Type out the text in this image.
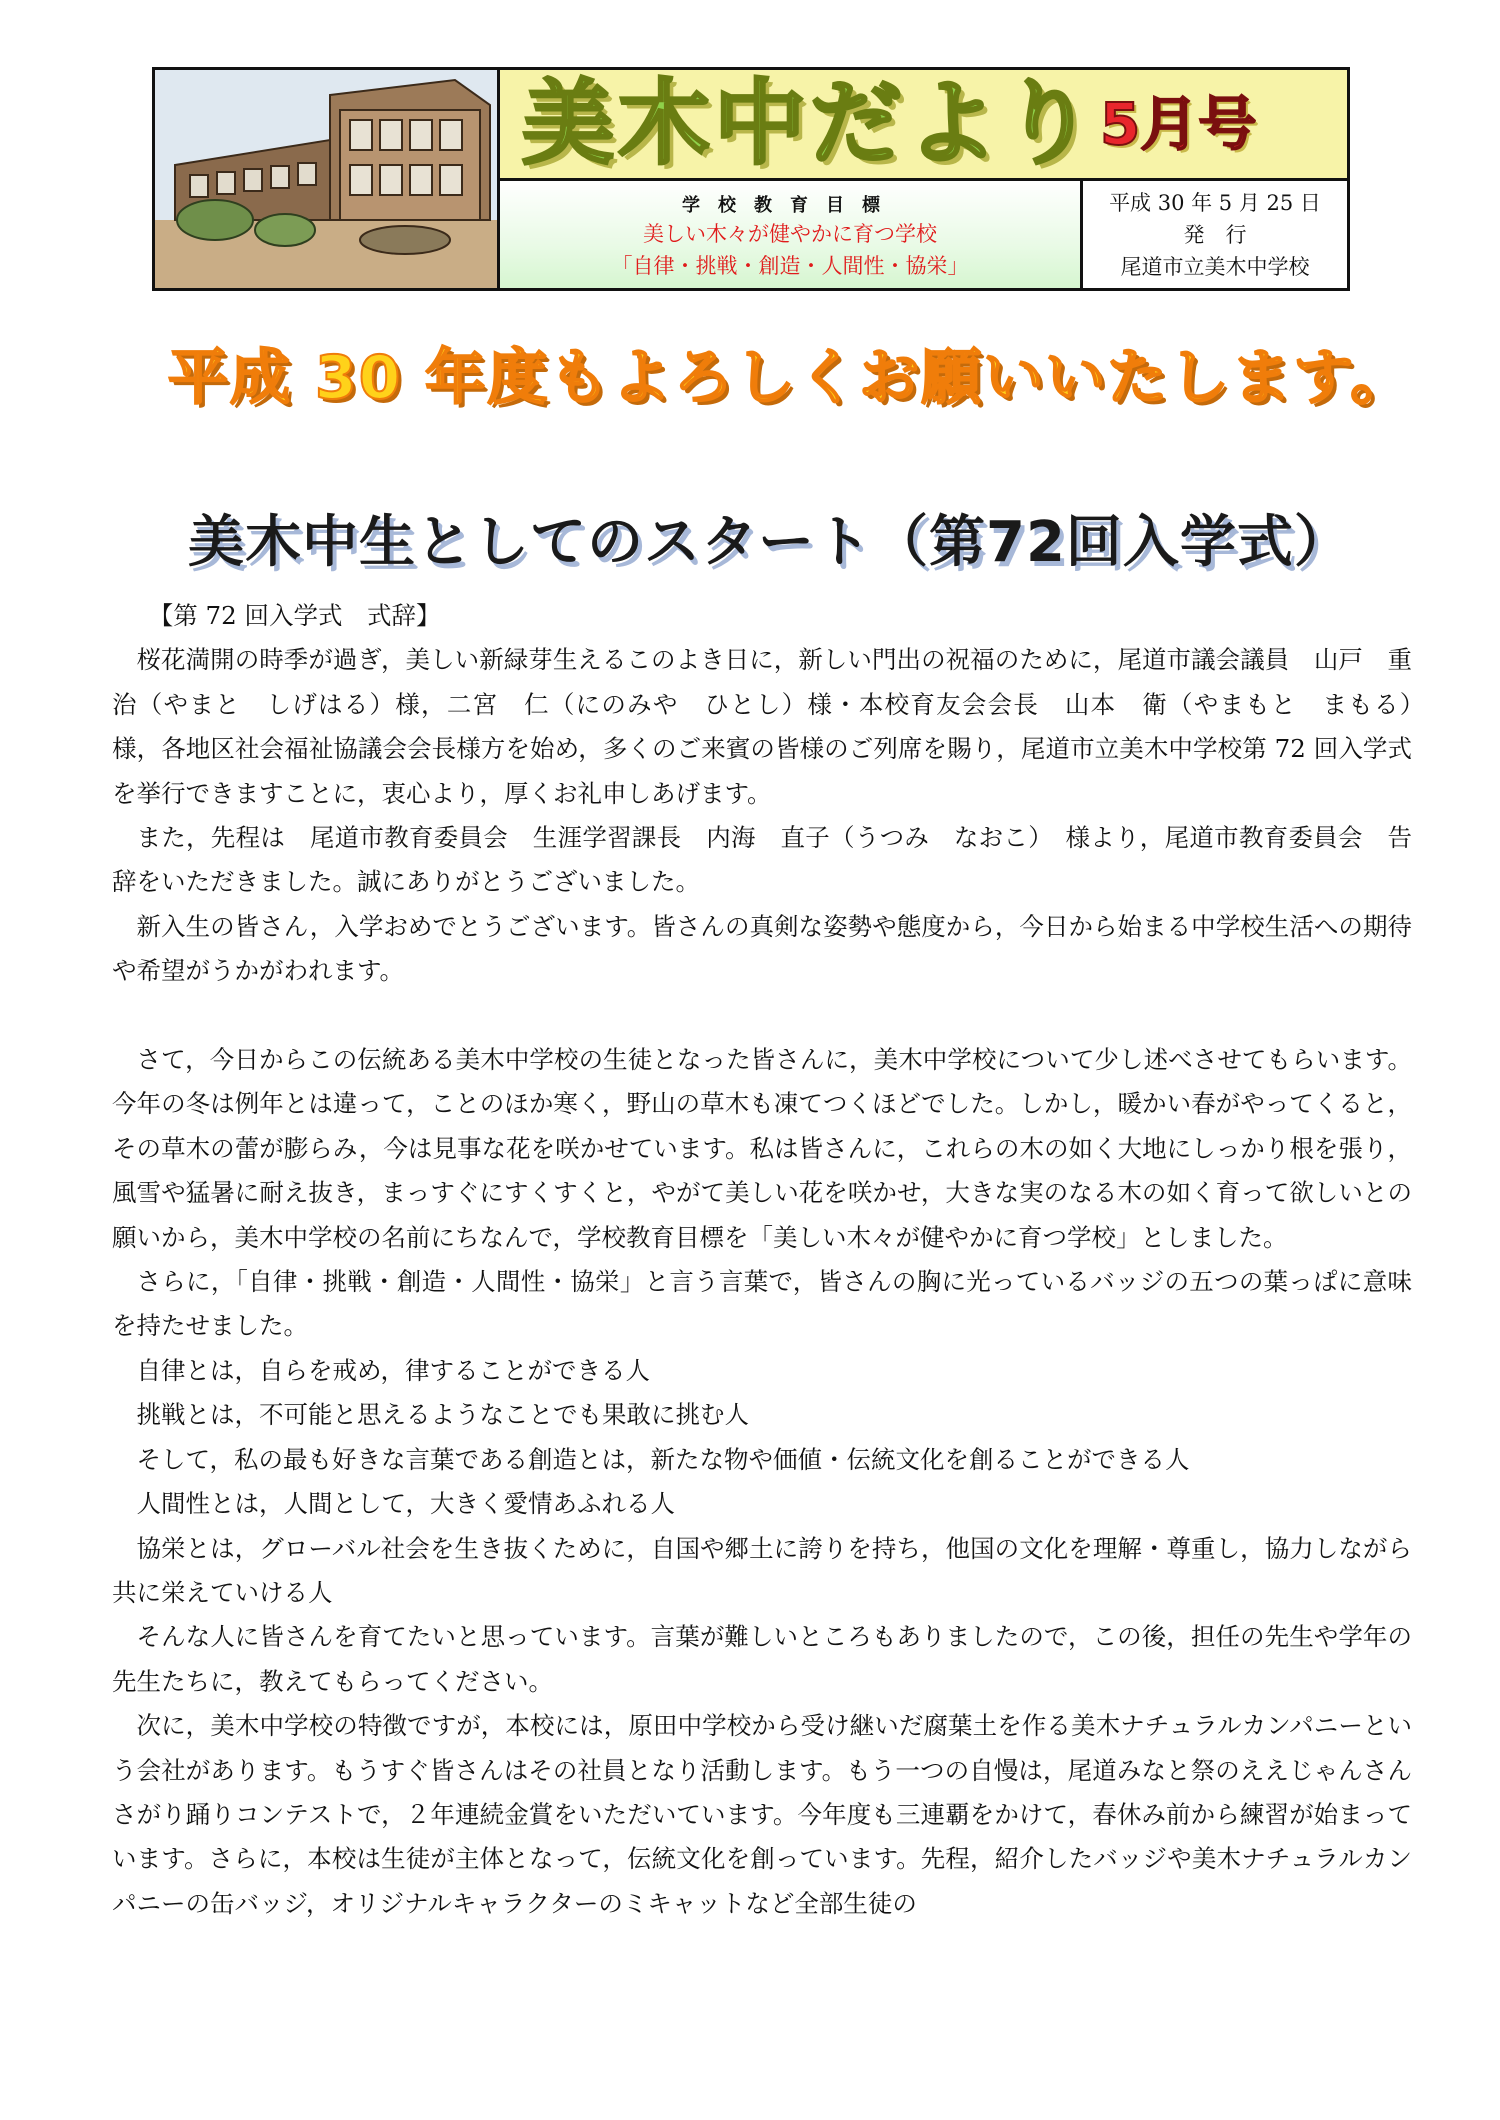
美木中だより 5月号
学校教育目標
美しい木々が健やかに育つ学校
「自律・挑戦・創造・人間性・協栄」
平成 30 年 5 月 25 日
発　行
尾道市立美木中学校
平成 30 年度もよろしくお願いいたします。
美木中生としてのスタート（第72回入学式）

【第 72 回入学式　式辞】

桜花満開の時季が過ぎ，美しい新緑芽生えるこのよき日に，新しい門出の祝福のために，尾道市議会議員　山戸　重治（やまと　しげはる）様，二宮　仁（にのみや　ひとし）様・本校育友会会長　山本　衛（やまもと　まもる）　様，各地区社会福祉協議会会長様方を始め，多くのご来賓の皆様のご列席を賜り，尾道市立美木中学校第 72 回入学式を挙行できますことに，衷心より，厚くお礼申しあげます。

また，先程は　尾道市教育委員会　生涯学習課長　内海　直子（うつみ　なおこ）　様より，尾道市教育委員会　告辞をいただきました。誠にありがとうございました。

新入生の皆さん，入学おめでとうございます。皆さんの真剣な姿勢や態度から，今日から始まる中学校生活への期待や希望がうかがわれます。

さて，今日からこの伝統ある美木中学校の生徒となった皆さんに，美木中学校について少し述べさせてもらいます。今年の冬は例年とは違って，ことのほか寒く，野山の草木も凍てつくほどでした。しかし，暖かい春がやってくると，その草木の蕾が膨らみ，今は見事な花を咲かせています。私は皆さんに，これらの木の如く大地にしっかり根を張り，風雪や猛暑に耐え抜き，まっすぐにすくすくと，やがて美しい花を咲かせ，大きな実のなる木の如く育って欲しいとの願いから，美木中学校の名前にちなんで，学校教育目標を「美しい木々が健やかに育つ学校」としました。

さらに，「自律・挑戦・創造・人間性・協栄」と言う言葉で，皆さんの胸に光っているバッジの五つの葉っぱに意味を持たせました。

自律とは，自らを戒め，律することができる人

挑戦とは，不可能と思えるようなことでも果敢に挑む人

そして，私の最も好きな言葉である創造とは，新たな物や価値・伝統文化を創ることができる人

人間性とは，人間として，大きく愛情あふれる人

協栄とは，グローバル社会を生き抜くために，自国や郷土に誇りを持ち，他国の文化を理解・尊重し，協力しながら共に栄えていける人

そんな人に皆さんを育てたいと思っています。言葉が難しいところもありましたので，この後，担任の先生や学年の先生たちに，教えてもらってください。

次に，美木中学校の特徴ですが，本校には，原田中学校から受け継いだ腐葉土を作る美木ナチュラルカンパニーという会社があります。もうすぐ皆さんはその社員となり活動します。もう一つの自慢は，尾道みなと祭のええじゃんさんさがり踊りコンテストで，２年連続金賞をいただいています。今年度も三連覇をかけて，春休み前から練習が始まっています。さらに，本校は生徒が主体となって，伝統文化を創っています。先程，紹介したバッジや美木ナチュラルカンパニーの缶バッジ，オリジナルキャラクターのミキャットなど全部生徒の
